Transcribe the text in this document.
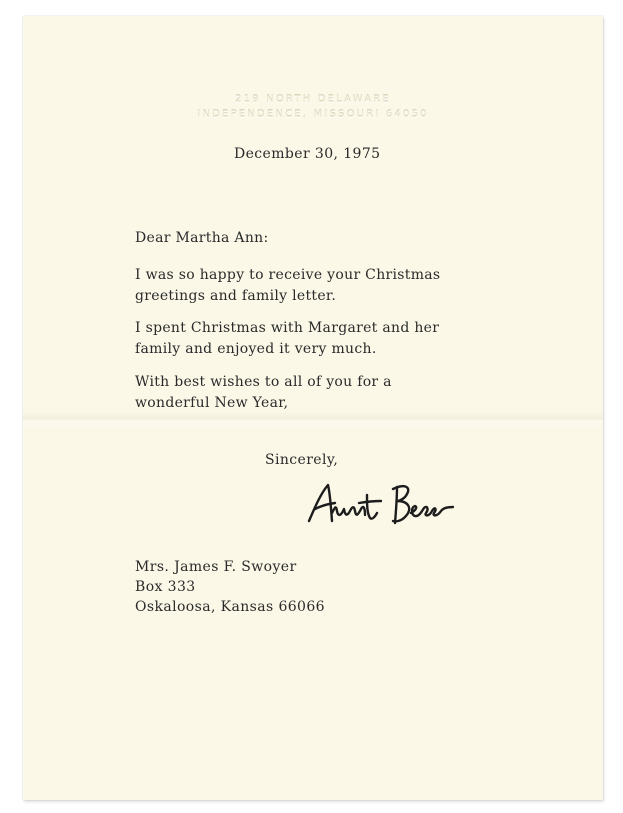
219 NORTH DELAWARE
INDEPENDENCE, MISSOURI 64050
December 30, 1975
Dear Martha Ann:
I was so happy to receive your Christmas
greetings and family letter.
I spent Christmas with Margaret and her
family and enjoyed it very much.
With best wishes to all of you for a
wonderful New Year,
Sincerely,
Mrs. James F. Swoyer
Box 333
Oskaloosa, Kansas 66066
